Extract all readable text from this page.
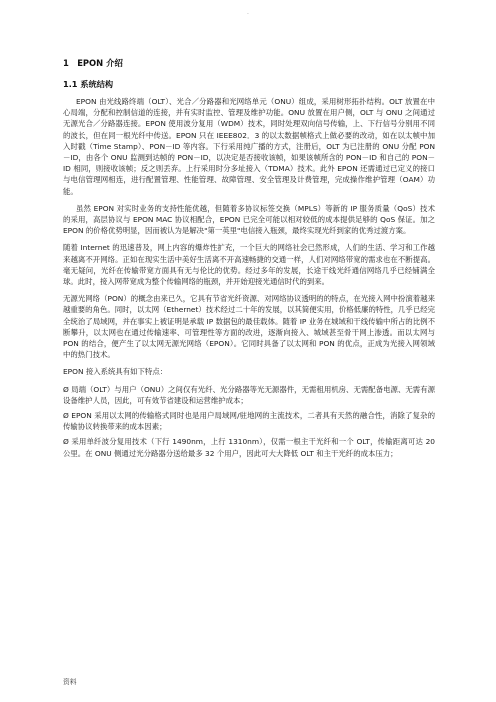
·
1　EPON 介绍
1.1 系统结构

EPON 由光线路终端（OLT）、光合／分路器和光网络单元（ONU）组成，采用树形拓扑结构。OLT 放置在中心局端，分配和控制信道的连接，并有实时监控、管理及维护功能。ONU 放置在用户侧，OLT 与 ONU 之间通过无源光合／分路器连接。EPON 使用波分复用（WDM）技术，同时处理双向信号传输，上、下行信号分别用不同的波长，但在同一根光纤中传送。EPON 只在 IEEE802．3 的以太数据帧格式上做必要的改动，如在以太帧中加入时戳（Time Stamp）、PON－ID 等内容。下行采用纯广播的方式，注册后，OLT 为已注册的 ONU 分配 PON－ID，由各个 ONU 监测到达帧的 PON－ID，以决定是否接收该帧，如果该帧所含的 PON－ID 和自己的 PON－ID 相同，则接收该帧；反之则丢弃。上行采用时分多址接入（TDMA）技术。此外 EPON 还需通过已定义的接口与电信管理网相连，进行配置管理、性能管理、故障管理、安全管理及计费管理，完成操作维护管理（OAM）功能。

虽然 EPON 对实时业务的支持性能优越，但随着多协议标签交换（MPLS）等新的 IP 服务质量（QoS）技术的采用，高层协议与 EPON MAC 协议相配合，EPON 已完全可能以相对较低的成本提供足够的 QoS 保证。加之 EPON 的价格优势明显，因而被认为是解决"第一英里"电信接入瓶颈，最终实现光纤到家的优秀过渡方案。

随着 Internet 的迅速普及，网上内容的爆炸性扩充，一个巨大的网络社会已然形成，人们的生活、学习和工作越来越离不开网络。正如在现实生活中美好生活离不开高速畅捷的交通一样，人们对网络带宽的需求也在不断提高。毫无疑问，光纤在传输带宽方面具有无与伦比的优势。经过多年的发展，长途干线光纤通信网络几乎已经铺满全球。此时，接入网带宽成为整个传输网络的瓶颈，并开始迎接光通信时代的到来。

无源光网络（PON）的概念由来已久，它具有节省光纤资源、对网络协议透明的的特点，在光接入网中扮演着越来越重要的角色。同时，以太网（Ethernet）技术经过二十年的发展，以其简便实用，价格低廉的特性，几乎已经完全统治了局域网，并在事实上被证明是承载 IP 数据包的最佳载体。随着 IP 业务在城域和干线传输中所占的比例不断攀升，以太网也在通过传输速率、可管理性等方面的改进，逐渐向接入、城域甚至骨干网上渗透。而以太网与 PON 的结合，便产生了以太网无源光网络（EPON）。它同时具备了以太网和 PON 的优点，正成为光接入网领域中的热门技术。

EPON 接入系统具有如下特点：

Ø 局端（OLT）与用户（ONU）之间仅有光纤、光分路器等光无源器件，无需租用机房、无需配备电源、无需有源设备维护人员，因此，可有效节省建设和运营维护成本；

Ø EPON 采用以太网的传输格式同时也是用户局域网/驻地网的主流技术，二者具有天然的融合性，消除了复杂的传输协议转换带来的成本因素；

Ø 采用单纤波分复用技术（下行 1490nm，上行 1310nm），仅需一根主干光纤和一个 OLT，传输距离可达 20 公里。在 ONU 侧通过光分路器分送给最多 32 个用户，因此可大大降低 OLT 和主干光纤的成本压力；

资料
